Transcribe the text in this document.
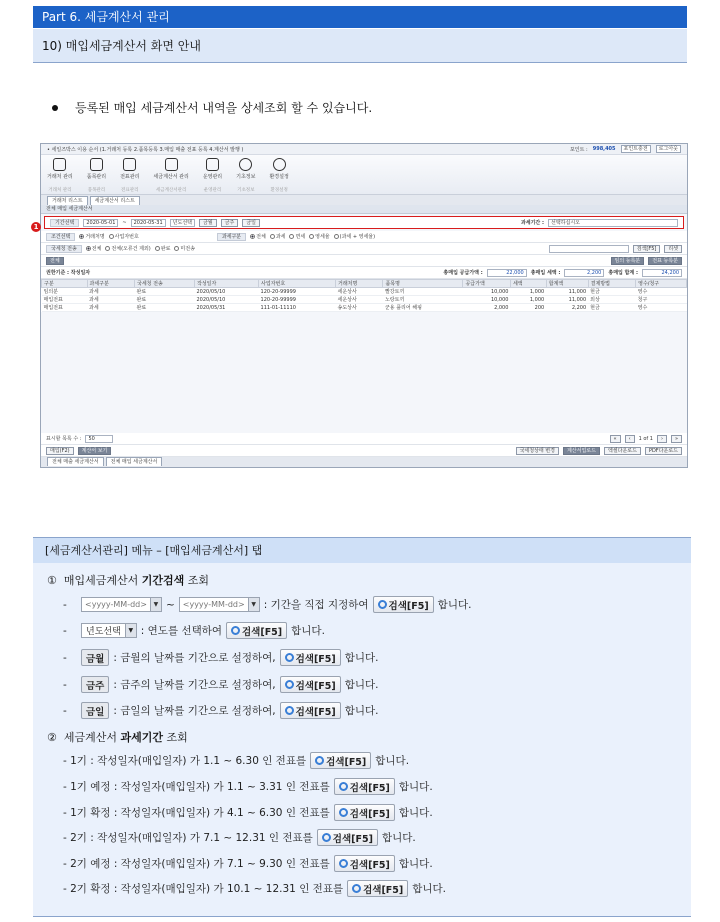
Part 6. 세금계산서 관리
10) 매입세금계산서 화면 안내
등록된 매입 세금계산서 내역을 상세조회 할 수 있습니다.
• 세일즈박스 이용 순서 (1.거래처 등록 2.품목등록 3.매입 매출 전표 등록 4.계산서 발행 )	포인트 : 998,405	포인트충전	로그아웃
거래처 관리
거래처 관리
품목관리
품목관리
전표관리
전표관리
세금계산서 관리
세금계산서관리
운영관리
운영관리
기초정보
기초정보
환경설정
환경설정
거래처 리스트	세금계산서 리스트
전체 매입 세금계산서
기간선택	2020-05-01	~	2020-05-31	년도선택	금월	금주	금일	과세기간 :	선택하십시오
조건선택	거래처명	사업자번호	과세구분	전체	과세	면세	영세율	(과세 + 영세율)
국세청 전송	전체	전체(오류건 제외)	완료	미전송	검색[F5]	리셋
전체	임의 등록분	전표 등록분
권한기준 : 작성일자	총매입 공급가액 :	22,000	총매입 세액 :	2,200	총매입 합계 :	24,200
구분	과세구분	국세청 전송	작성일자	사업자번호	거래처명	품목명	공급가액	세액	합계액	결제방법	영수/청구
임의분	과세	완료	2020/05/10	120-20-99999	세운상사	빨강토끼	10,000	1,000	11,000	현금	영수
매입전표	과세	완료	2020/05/10	120-20-99999	세운상사	노랑토끼	10,000	1,000	11,000	외상	청구
매입전표	과세	완료	2020/05/31	111-01-11110	송도상사	군용 플리어 해핑	2,000	200	2,200	현금	영수
표시할 목록 수 :	50	«	‹	1 of 1	›	»
매입(F2)	계산서 보기	국세청상태 변경	계산서업로드	엑셀다운로드	PDF다운로드
전체 매출 세금계산서	전체 매입 세금계산서
1
[세금계산서관리] 메뉴 – [매입세금계산서] 탭
① 매입세금계산서 기간검색 조회
-	<yyyy-MM-dd>	▼ ~ <yyyy-MM-dd>	▼ : 기간을 직접 지정하여 검색[F5] 합니다.
-	년도선택	▼ : 연도를 선택하여 검색[F5] 합니다.
-	금월 : 금월의 날짜를 기간으로 설정하여, 검색[F5] 합니다.
-	금주 : 금주의 날짜를 기간으로 설정하여, 검색[F5] 합니다.
-	금일 : 금일의 날짜를 기간으로 설정하여, 검색[F5] 합니다.
② 세금계산서 과세기간 조회
- 1기 : 작성일자(매입일자) 가 1.1 ~ 6.30 인 전표를 검색[F5] 합니다.
- 1기 예정 : 작성일자(매입일자) 가 1.1 ~ 3.31 인 전표를 검색[F5] 합니다.
- 1기 확정 : 작성일자(매입일자) 가 4.1 ~ 6.30 인 전표를 검색[F5] 합니다.
- 2기 : 작성일자(매입일자) 가 7.1 ~ 12.31 인 전표를 검색[F5] 합니다.
- 2기 예정 : 작성일자(매입일자) 가 7.1 ~ 9.30 인 전표를 검색[F5] 합니다.
- 2기 확정 : 작성일자(매입일자) 가 10.1 ~ 12.31 인 전표를 검색[F5] 합니다.
